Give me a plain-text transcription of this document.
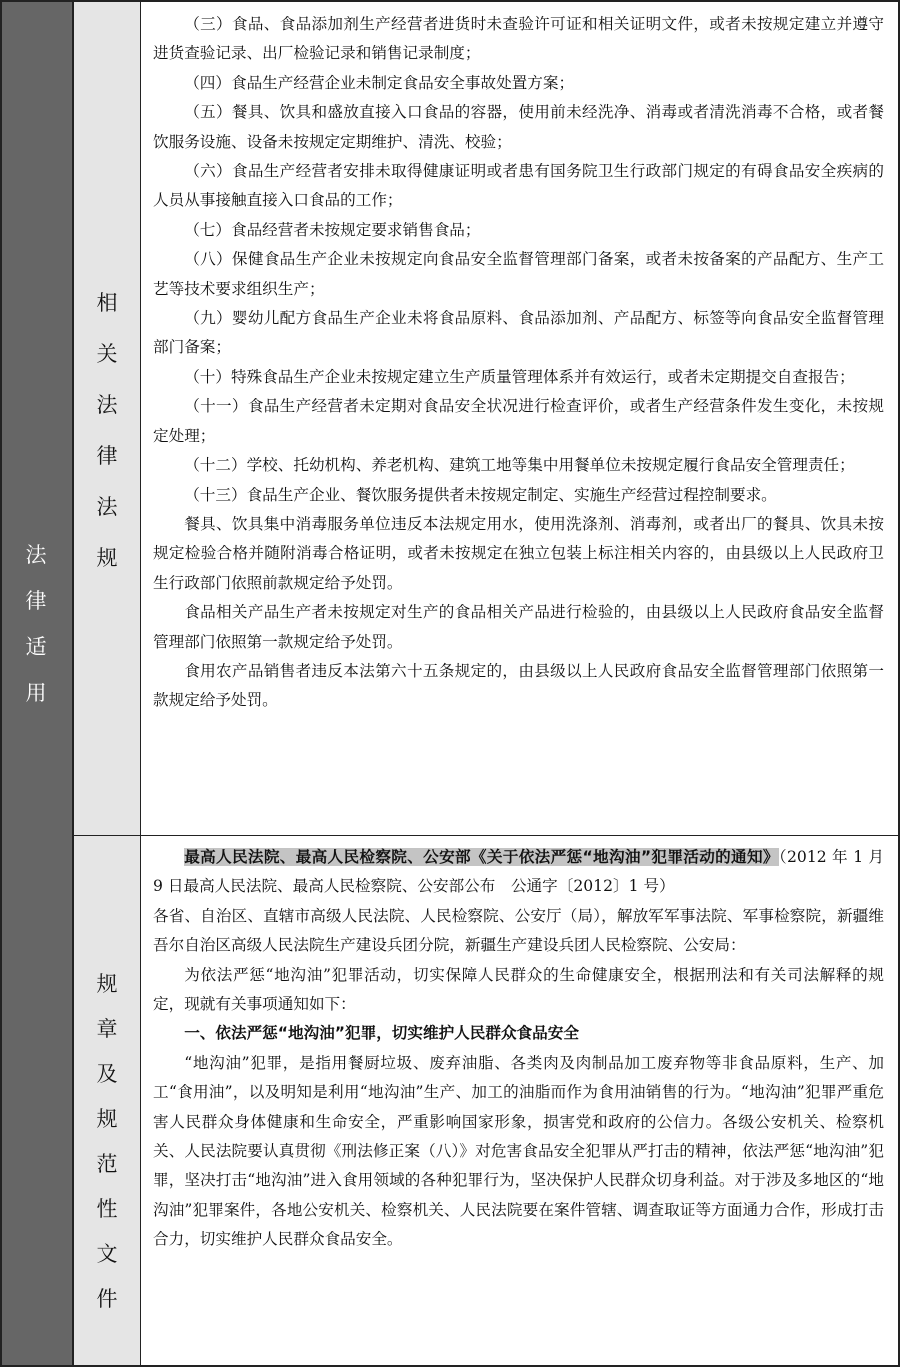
法
律
适
用
相
关
法
律
法
规
规
章
及
规
范
性
文
件

（三）食品、食品添加剂生产经营者进货时未查验许可证和相关证明文件，或者未按规定建立并遵守进货查验记录、出厂检验记录和销售记录制度；

（四）食品生产经营企业未制定食品安全事故处置方案；

（五）餐具、饮具和盛放直接入口食品的容器，使用前未经洗净、消毒或者清洗消毒不合格，或者餐饮服务设施、设备未按规定定期维护、清洗、校验；

（六）食品生产经营者安排未取得健康证明或者患有国务院卫生行政部门规定的有碍食品安全疾病的人员从事接触直接入口食品的工作；

（七）食品经营者未按规定要求销售食品；

（八）保健食品生产企业未按规定向食品安全监督管理部门备案，或者未按备案的产品配方、生产工艺等技术要求组织生产；

（九）婴幼儿配方食品生产企业未将食品原料、食品添加剂、产品配方、标签等向食品安全监督管理部门备案；

（十）特殊食品生产企业未按规定建立生产质量管理体系并有效运行，或者未定期提交自查报告；

（十一）食品生产经营者未定期对食品安全状况进行检查评价，或者生产经营条件发生变化，未按规定处理；

（十二）学校、托幼机构、养老机构、建筑工地等集中用餐单位未按规定履行食品安全管理责任；

（十三）食品生产企业、餐饮服务提供者未按规定制定、实施生产经营过程控制要求。

餐具、饮具集中消毒服务单位违反本法规定用水，使用洗涤剂、消毒剂，或者出厂的餐具、饮具未按规定检验合格并随附消毒合格证明，或者未按规定在独立包装上标注相关内容的，由县级以上人民政府卫生行政部门依照前款规定给予处罚。

食品相关产品生产者未按规定对生产的食品相关产品进行检验的，由县级以上人民政府食品安全监督管理部门依照第一款规定给予处罚。

食用农产品销售者违反本法第六十五条规定的，由县级以上人民政府食品安全监督管理部门依照第一款规定给予处罚。

最高人民法院、最高人民检察院、公安部《关于依法严惩“地沟油”犯罪活动的通知》（2012 年 1 月 9 日最高人民法院、最高人民检察院、公安部公布　公通字〔2012〕1 号）

各省、自治区、直辖市高级人民法院、人民检察院、公安厅（局），解放军军事法院、军事检察院，新疆维吾尔自治区高级人民法院生产建设兵团分院，新疆生产建设兵团人民检察院、公安局：

为依法严惩“地沟油”犯罪活动，切实保障人民群众的生命健康安全，根据刑法和有关司法解释的规定，现就有关事项通知如下：

一、依法严惩“地沟油”犯罪，切实维护人民群众食品安全

“地沟油”犯罪，是指用餐厨垃圾、废弃油脂、各类肉及肉制品加工废弃物等非食品原料，生产、加工“食用油”，以及明知是利用“地沟油”生产、加工的油脂而作为食用油销售的行为。“地沟油”犯罪严重危害人民群众身体健康和生命安全，严重影响国家形象，损害党和政府的公信力。各级公安机关、检察机关、人民法院要认真贯彻《刑法修正案（八）》对危害食品安全犯罪从严打击的精神，依法严惩“地沟油”犯罪，坚决打击“地沟油”进入食用领域的各种犯罪行为，坚决保护人民群众切身利益。对于涉及多地区的“地沟油”犯罪案件，各地公安机关、检察机关、人民法院要在案件管辖、调查取证等方面通力合作，形成打击合力，切实维护人民群众食品安全。
